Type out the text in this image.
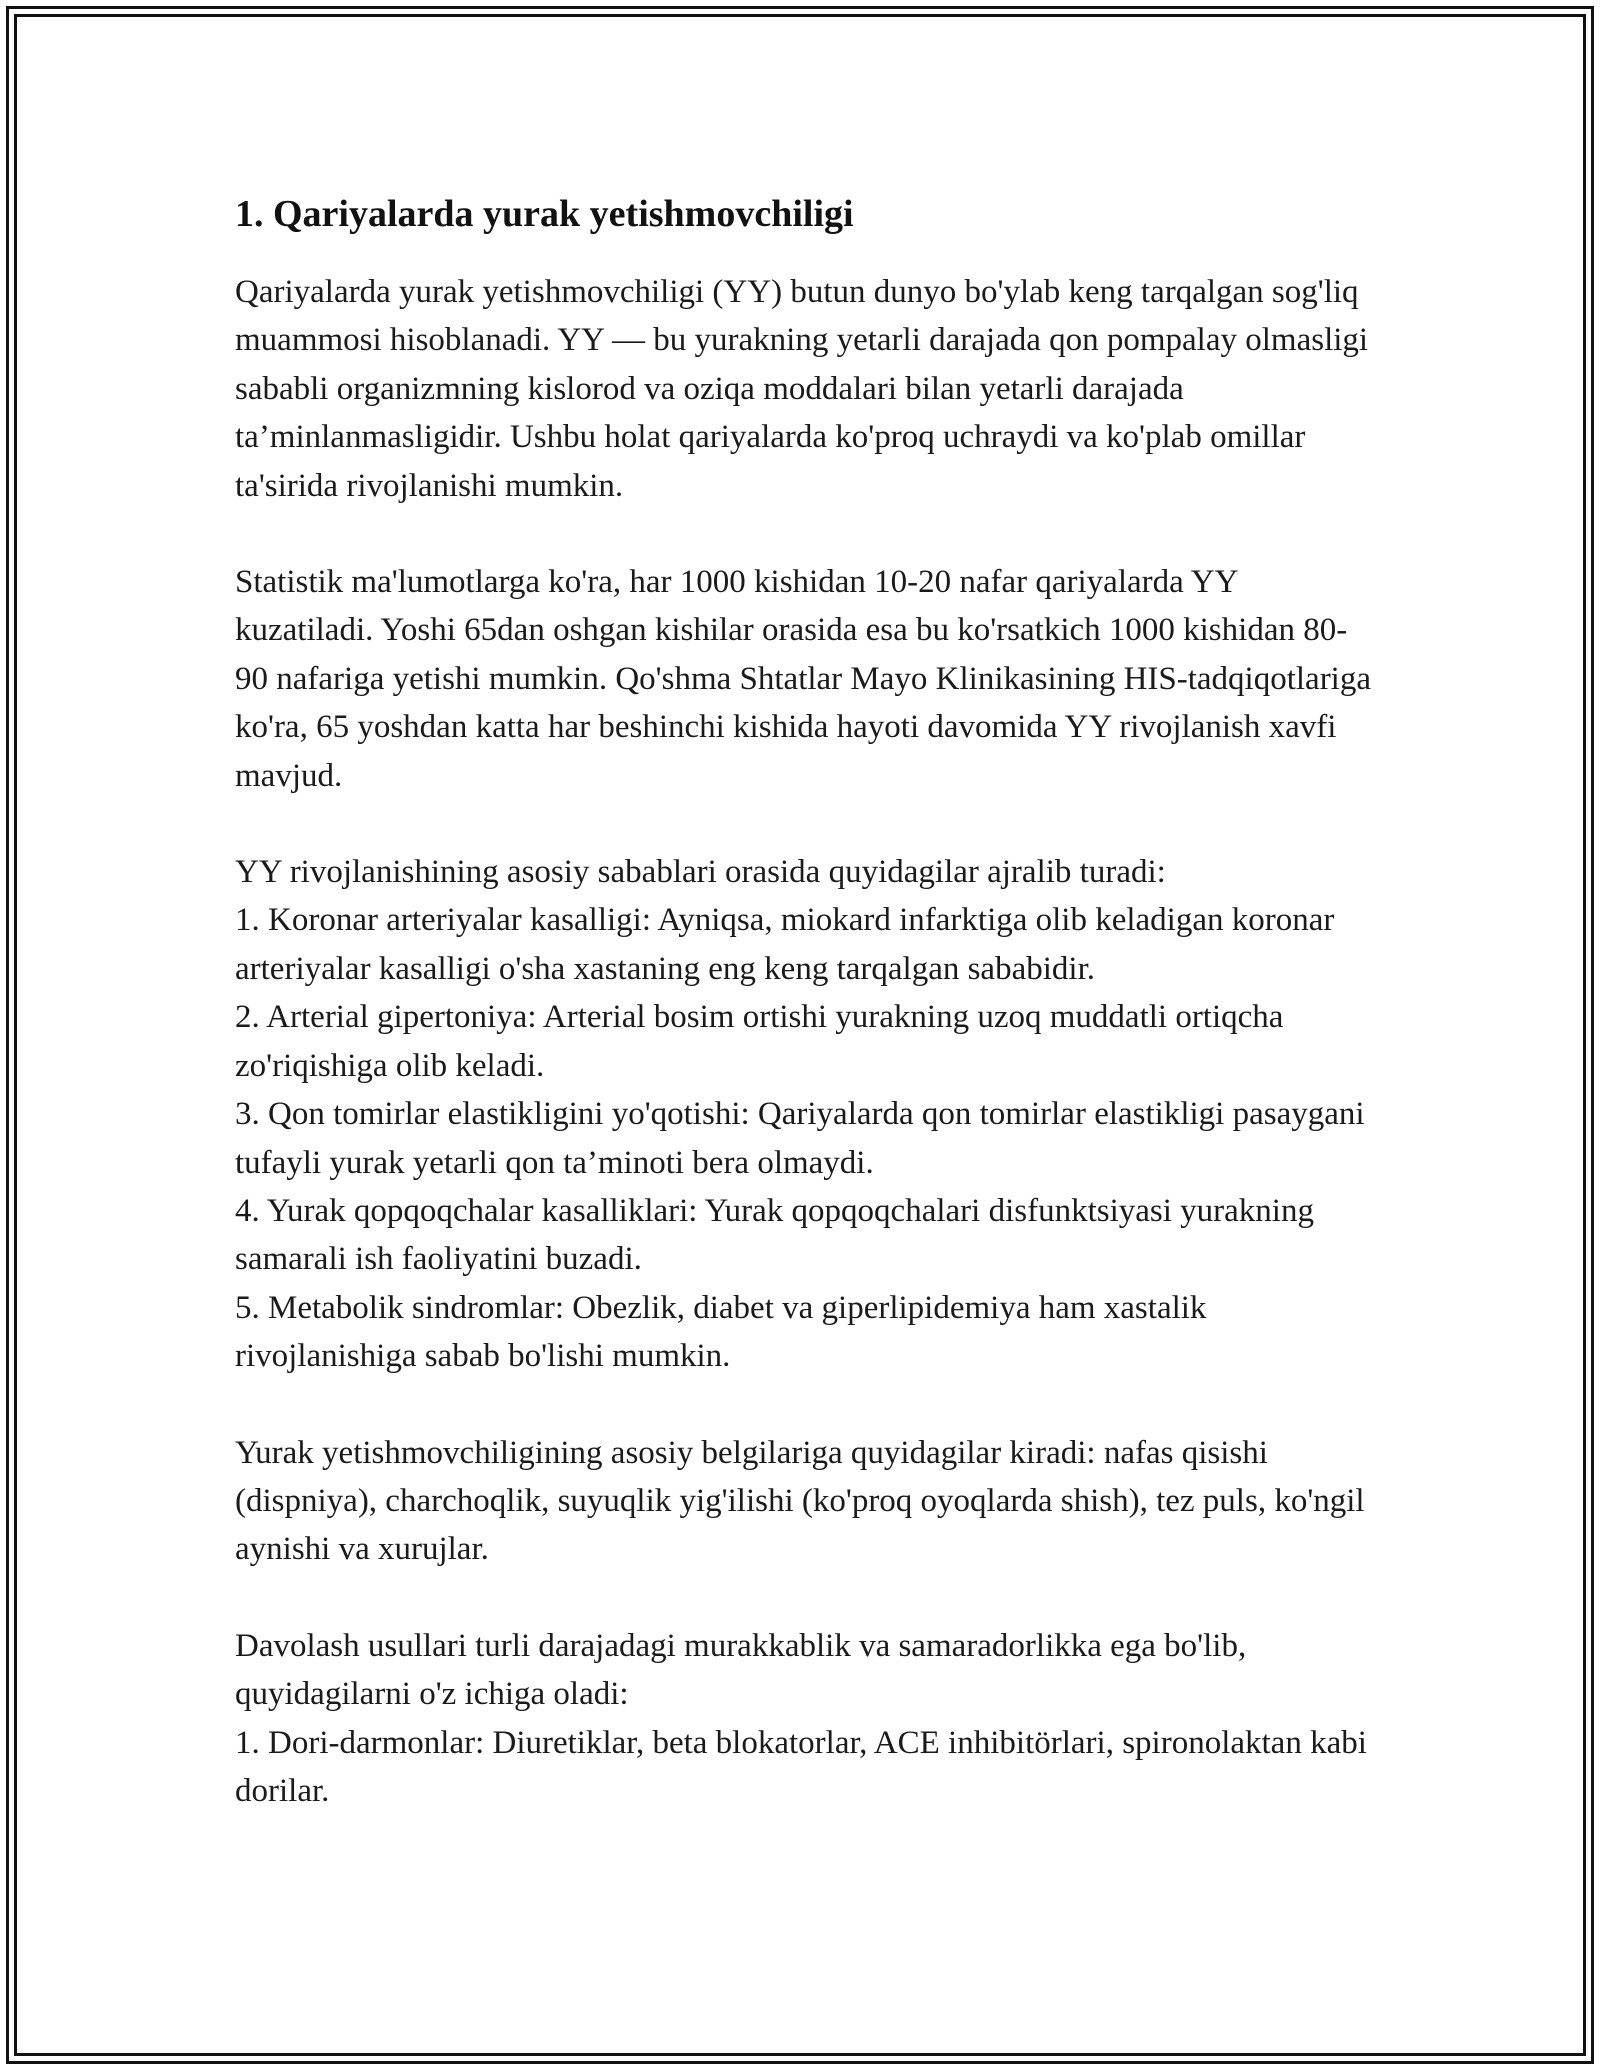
1. Qariyalarda yurak yetishmovchiligi

Qariyalarda yurak yetishmovchiligi (YY) butun dunyo bo'ylab keng tarqalgan sog'liq muammosi hisoblanadi. YY — bu yurakning yetarli darajada qon pompalay olmasligi sababli organizmning kislorod va oziqa moddalari bilan yetarli darajada ta’minlanmasligidir. Ushbu holat qariyalarda ko'proq uchraydi va ko'plab omillar ta'sirida rivojlanishi mumkin.

Statistik ma'lumotlarga ko'ra, har 1000 kishidan 10-20 nafar qariyalarda YY kuzatiladi. Yoshi 65dan oshgan kishilar orasida esa bu ko'rsatkich 1000 kishidan 80-90 nafariga yetishi mumkin. Qo'shma Shtatlar Mayo Klinikasining HIS-tadqiqotlariga ko'ra, 65 yoshdan katta har beshinchi kishida hayoti davomida YY rivojlanish xavfi mavjud.

YY rivojlanishining asosiy sabablari orasida quyidagilar ajralib turadi:
1. Koronar arteriyalar kasalligi: Ayniqsa, miokard infarktiga olib keladigan koronar arteriyalar kasalligi o'sha xastaning eng keng tarqalgan sababidir.
2. Arterial gipertoniya: Arterial bosim ortishi yurakning uzoq muddatli ortiqcha zo'riqishiga olib keladi.
3. Qon tomirlar elastikligini yo'qotishi: Qariyalarda qon tomirlar elastikligi pasaygani tufayli yurak yetarli qon ta’minoti bera olmaydi.
4. Yurak qopqoqchalar kasalliklari: Yurak qopqoqchalari disfunktsiyasi yurakning samarali ish faoliyatini buzadi.
5. Metabolik sindromlar: Obezlik, diabet va giperlipidemiya ham xastalik rivojlanishiga sabab bo'lishi mumkin.

Yurak yetishmovchiligining asosiy belgilariga quyidagilar kiradi: nafas qisishi (dispniya), charchoqlik, suyuqlik yig'ilishi (ko'proq oyoqlarda shish), tez puls, ko'ngil aynishi va xurujlar.

Davolash usullari turli darajadagi murakkablik va samaradorlikka ega bo'lib, quyidagilarni o'z ichiga oladi:
1. Dori-darmonlar: Diuretiklar, beta blokatorlar, ACE inhibitörlari, spironolaktan kabi dorilar.
